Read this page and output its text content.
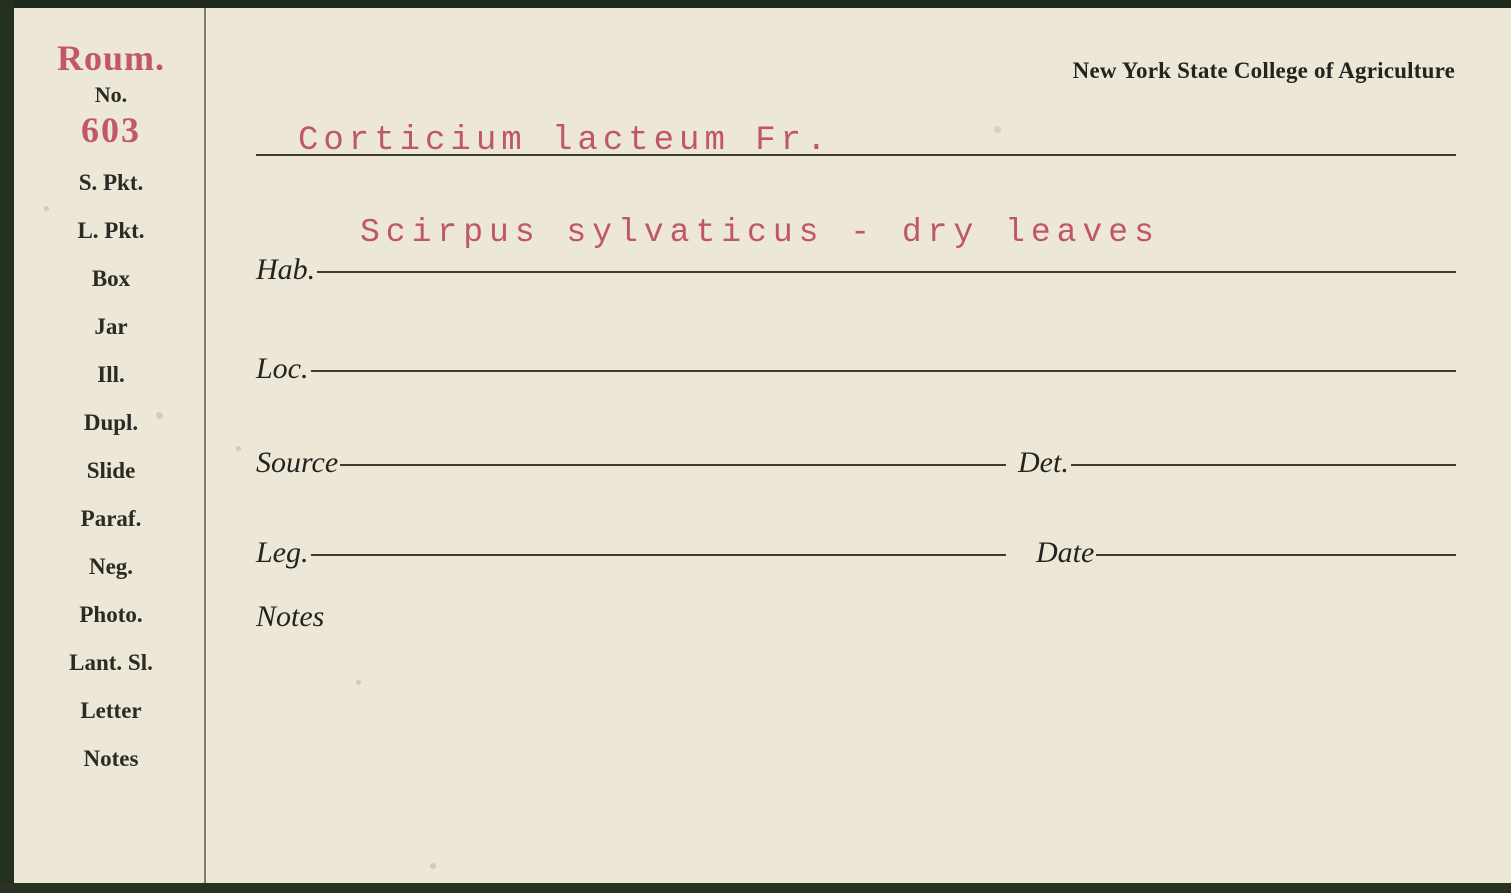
Roum.
No.
603
S. Pkt.
L. Pkt.
Box
Jar
Ill.
Dupl.
Slide
Paraf.
Neg.
Photo.
Lant. Sl.
Letter
Notes
New York State College of Agriculture
Corticium lacteum Fr.
Hab.
Scirpus sylvaticus - dry leaves
Loc.
Source	Det.
Leg.	Date
Notes
